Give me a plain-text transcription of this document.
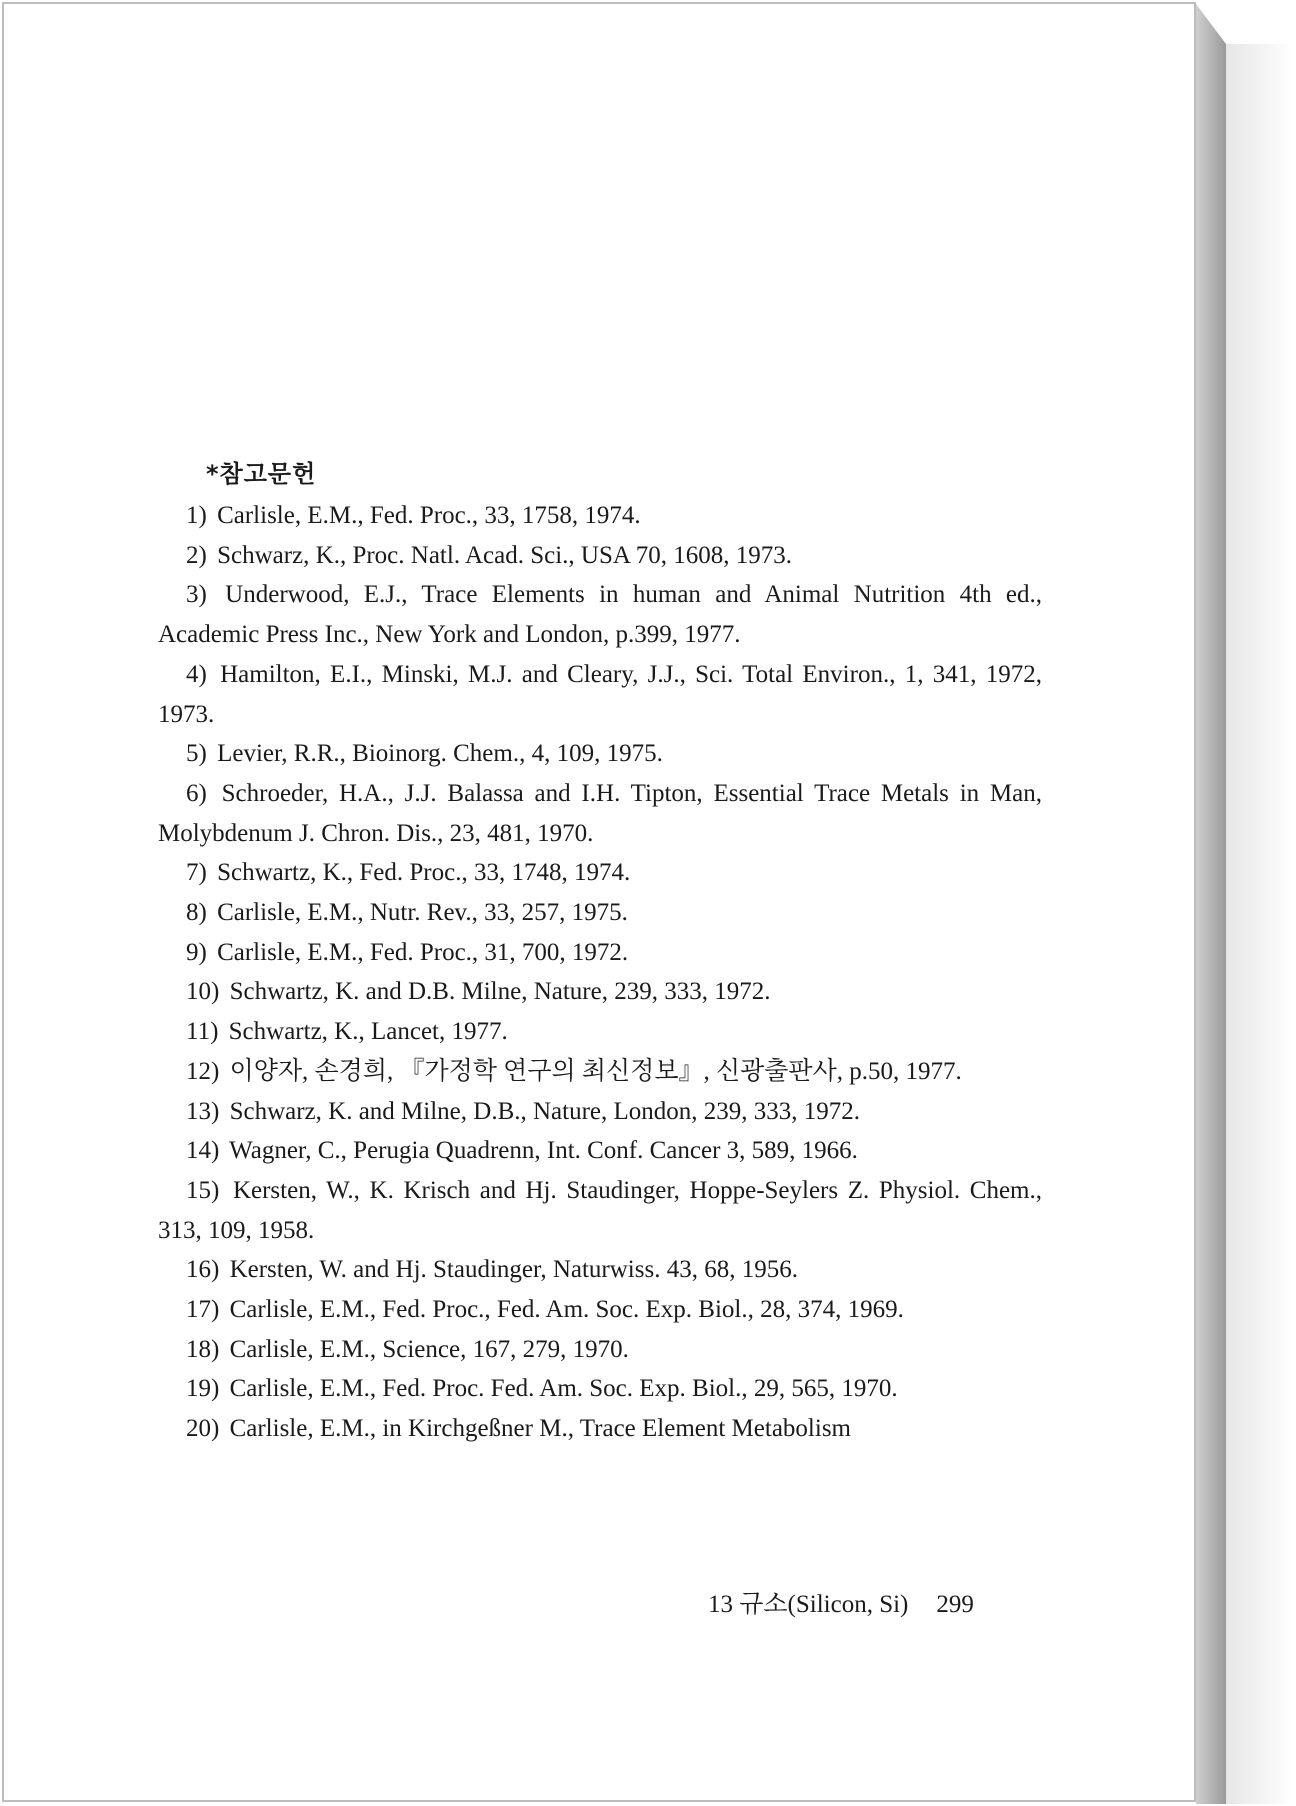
*참고문헌
1) Carlisle, E.M., Fed. Proc., 33, 1758, 1974.
2) Schwarz, K., Proc. Natl. Acad. Sci., USA 70, 1608, 1973.
3) Underwood, E.J., Trace Elements in human and Animal Nutrition 4th ed., Academic Press Inc., New York and London, p.399, 1977.
4) Hamilton, E.I., Minski, M.J. and Cleary, J.J., Sci. Total Environ., 1, 341, 1972, 1973.
5) Levier, R.R., Bioinorg. Chem., 4, 109, 1975.
6) Schroeder, H.A., J.J. Balassa and I.H. Tipton, Essential Trace Metals in Man, Molybdenum J. Chron. Dis., 23, 481, 1970.
7) Schwartz, K., Fed. Proc., 33, 1748, 1974.
8) Carlisle, E.M., Nutr. Rev., 33, 257, 1975.
9) Carlisle, E.M., Fed. Proc., 31, 700, 1972.
10) Schwartz, K. and D.B. Milne, Nature, 239, 333, 1972.
11) Schwartz, K., Lancet, 1977.
12) 이양자, 손경희, 『가정학 연구의 최신정보』, 신광출판사, p.50, 1977.
13) Schwarz, K. and Milne, D.B., Nature, London, 239, 333, 1972.
14) Wagner, C., Perugia Quadrenn, Int. Conf. Cancer 3, 589, 1966.
15) Kersten, W., K. Krisch and Hj. Staudinger, Hoppe-Seylers Z. Physiol. Chem., 313, 109, 1958.
16) Kersten, W. and Hj. Staudinger, Naturwiss. 43, 68, 1956.
17) Carlisle, E.M., Fed. Proc., Fed. Am. Soc. Exp. Biol., 28, 374, 1969.
18) Carlisle, E.M., Science, 167, 279, 1970.
19) Carlisle, E.M., Fed. Proc. Fed. Am. Soc. Exp. Biol., 29, 565, 1970.
20) Carlisle, E.M., in Kirchgeßner M., Trace Element Metabolism
13 규소(Silicon, Si) 299
